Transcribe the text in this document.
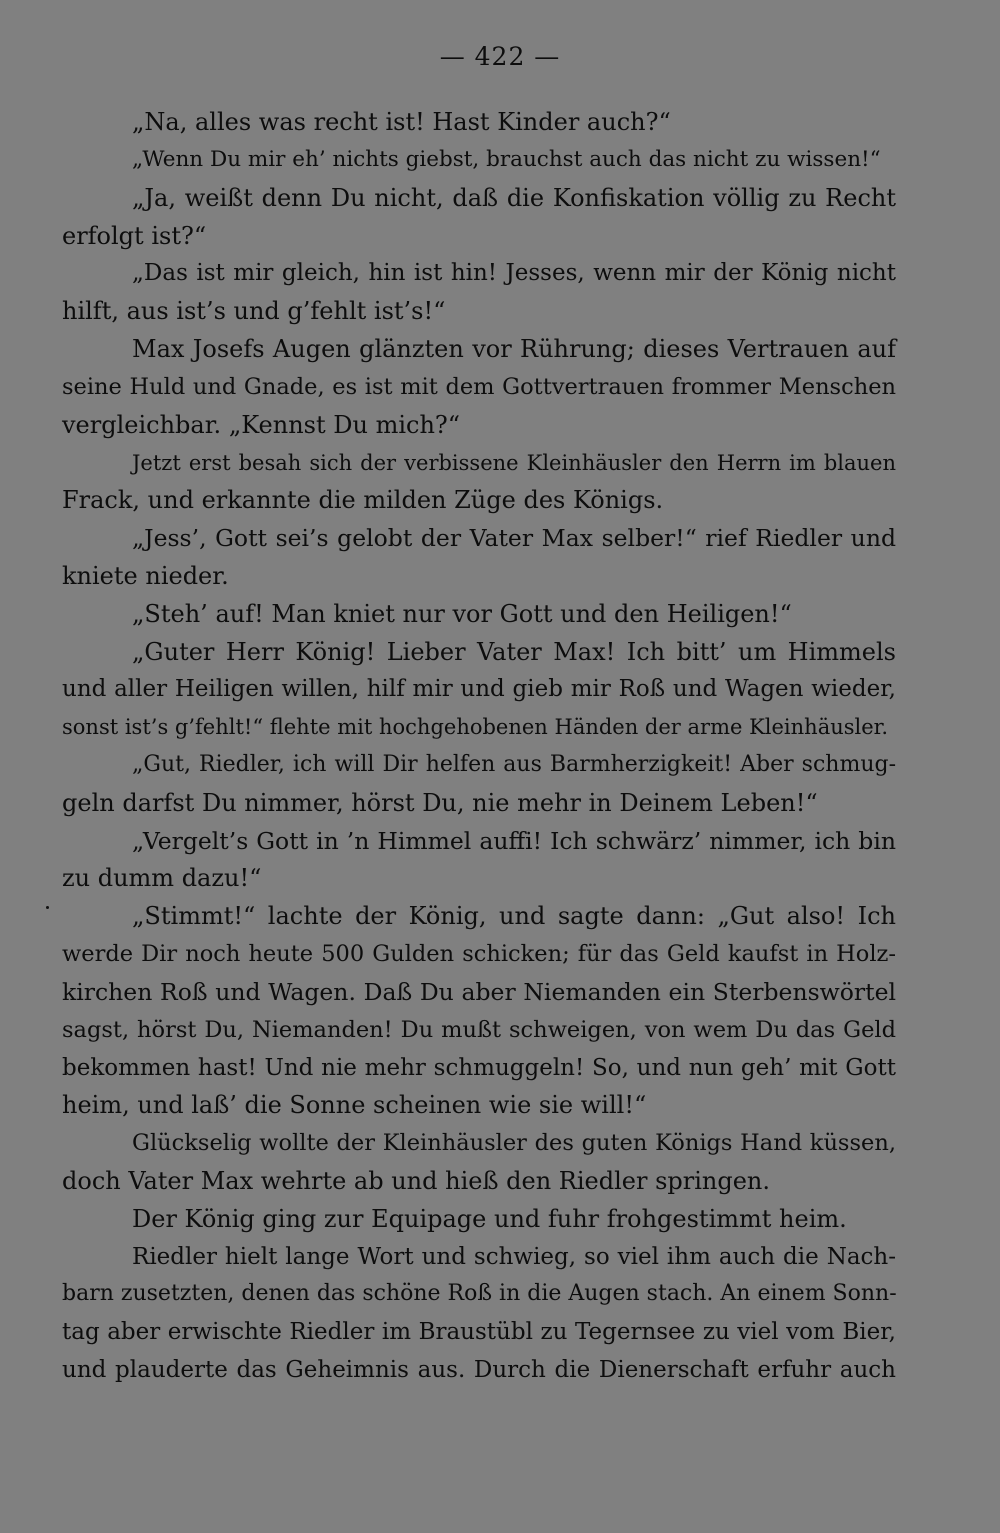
— 422 —
„Na, alles was recht ist! Hast Kinder auch?“
„Wenn Du mir eh’ nichts giebst, brauchst auch das nicht zu wissen!“
„Ja, weißt denn Du nicht, daß die Konfiskation völlig zu Recht
erfolgt ist?“
„Das ist mir gleich, hin ist hin! Jesses, wenn mir der König nicht
hilft, aus ist’s und g’fehlt ist’s!“
Max Josefs Augen glänzten vor Rührung; dieses Vertrauen auf
seine Huld und Gnade, es ist mit dem Gottvertrauen frommer Menschen
vergleichbar. „Kennst Du mich?“
Jetzt erst besah sich der verbissene Kleinhäusler den Herrn im blauen
Frack, und erkannte die milden Züge des Königs.
„Jess’, Gott sei’s gelobt der Vater Max selber!“ rief Riedler und
kniete nieder.
„Steh’ auf! Man kniet nur vor Gott und den Heiligen!“
„Guter Herr König! Lieber Vater Max! Ich bitt’ um Himmels
und aller Heiligen willen, hilf mir und gieb mir Roß und Wagen wieder,
sonst ist’s g’fehlt!“ flehte mit hochgehobenen Händen der arme Kleinhäusler.
„Gut, Riedler, ich will Dir helfen aus Barmherzigkeit! Aber schmug-
geln darfst Du nimmer, hörst Du, nie mehr in Deinem Leben!“
„Vergelt’s Gott in ’n Himmel auffi! Ich schwärz’ nimmer, ich bin
zu dumm dazu!“
„Stimmt!“ lachte der König, und sagte dann: „Gut also! Ich
werde Dir noch heute 500 Gulden schicken; für das Geld kaufst in Holz-
kirchen Roß und Wagen. Daß Du aber Niemanden ein Sterbenswörtel
sagst, hörst Du, Niemanden! Du mußt schweigen, von wem Du das Geld
bekommen hast! Und nie mehr schmuggeln! So, und nun geh’ mit Gott
heim, und laß’ die Sonne scheinen wie sie will!“
Glückselig wollte der Kleinhäusler des guten Königs Hand küssen,
doch Vater Max wehrte ab und hieß den Riedler springen.
Der König ging zur Equipage und fuhr frohgestimmt heim.
Riedler hielt lange Wort und schwieg, so viel ihm auch die Nach-
barn zusetzten, denen das schöne Roß in die Augen stach. An einem Sonn-
tag aber erwischte Riedler im Braustübl zu Tegernsee zu viel vom Bier,
und plauderte das Geheimnis aus. Durch die Dienerschaft erfuhr auch
